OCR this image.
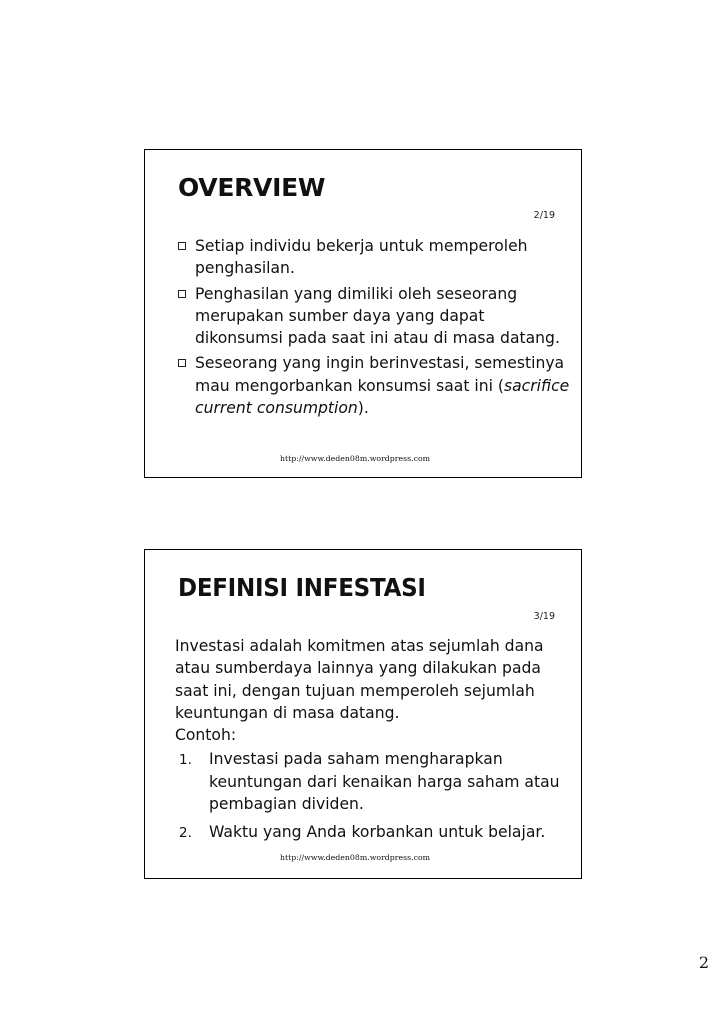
OVERVIEW
2/19
Setiap individu bekerja untuk memperoleh penghasilan.
Penghasilan yang dimiliki oleh seseorang merupakan sumber daya yang dapat dikonsumsi pada saat ini atau di masa datang.
Seseorang yang ingin berinvestasi, semestinya mau mengorbankan konsumsi saat ini (sacrifice current consumption).
http://www.deden08m.wordpress.com
DEFINISI INFESTASI
3/19

Investasi adalah komitmen atas sejumlah dana atau sumberdaya lainnya yang dilakukan pada saat ini, dengan tujuan memperoleh sejumlah keuntungan di masa datang.

Contoh:

1. Investasi pada saham mengharapkan keuntungan dari kenaikan harga saham atau pembagian dividen.
2. Waktu yang Anda korbankan untuk belajar.
http://www.deden08m.wordpress.com
2
